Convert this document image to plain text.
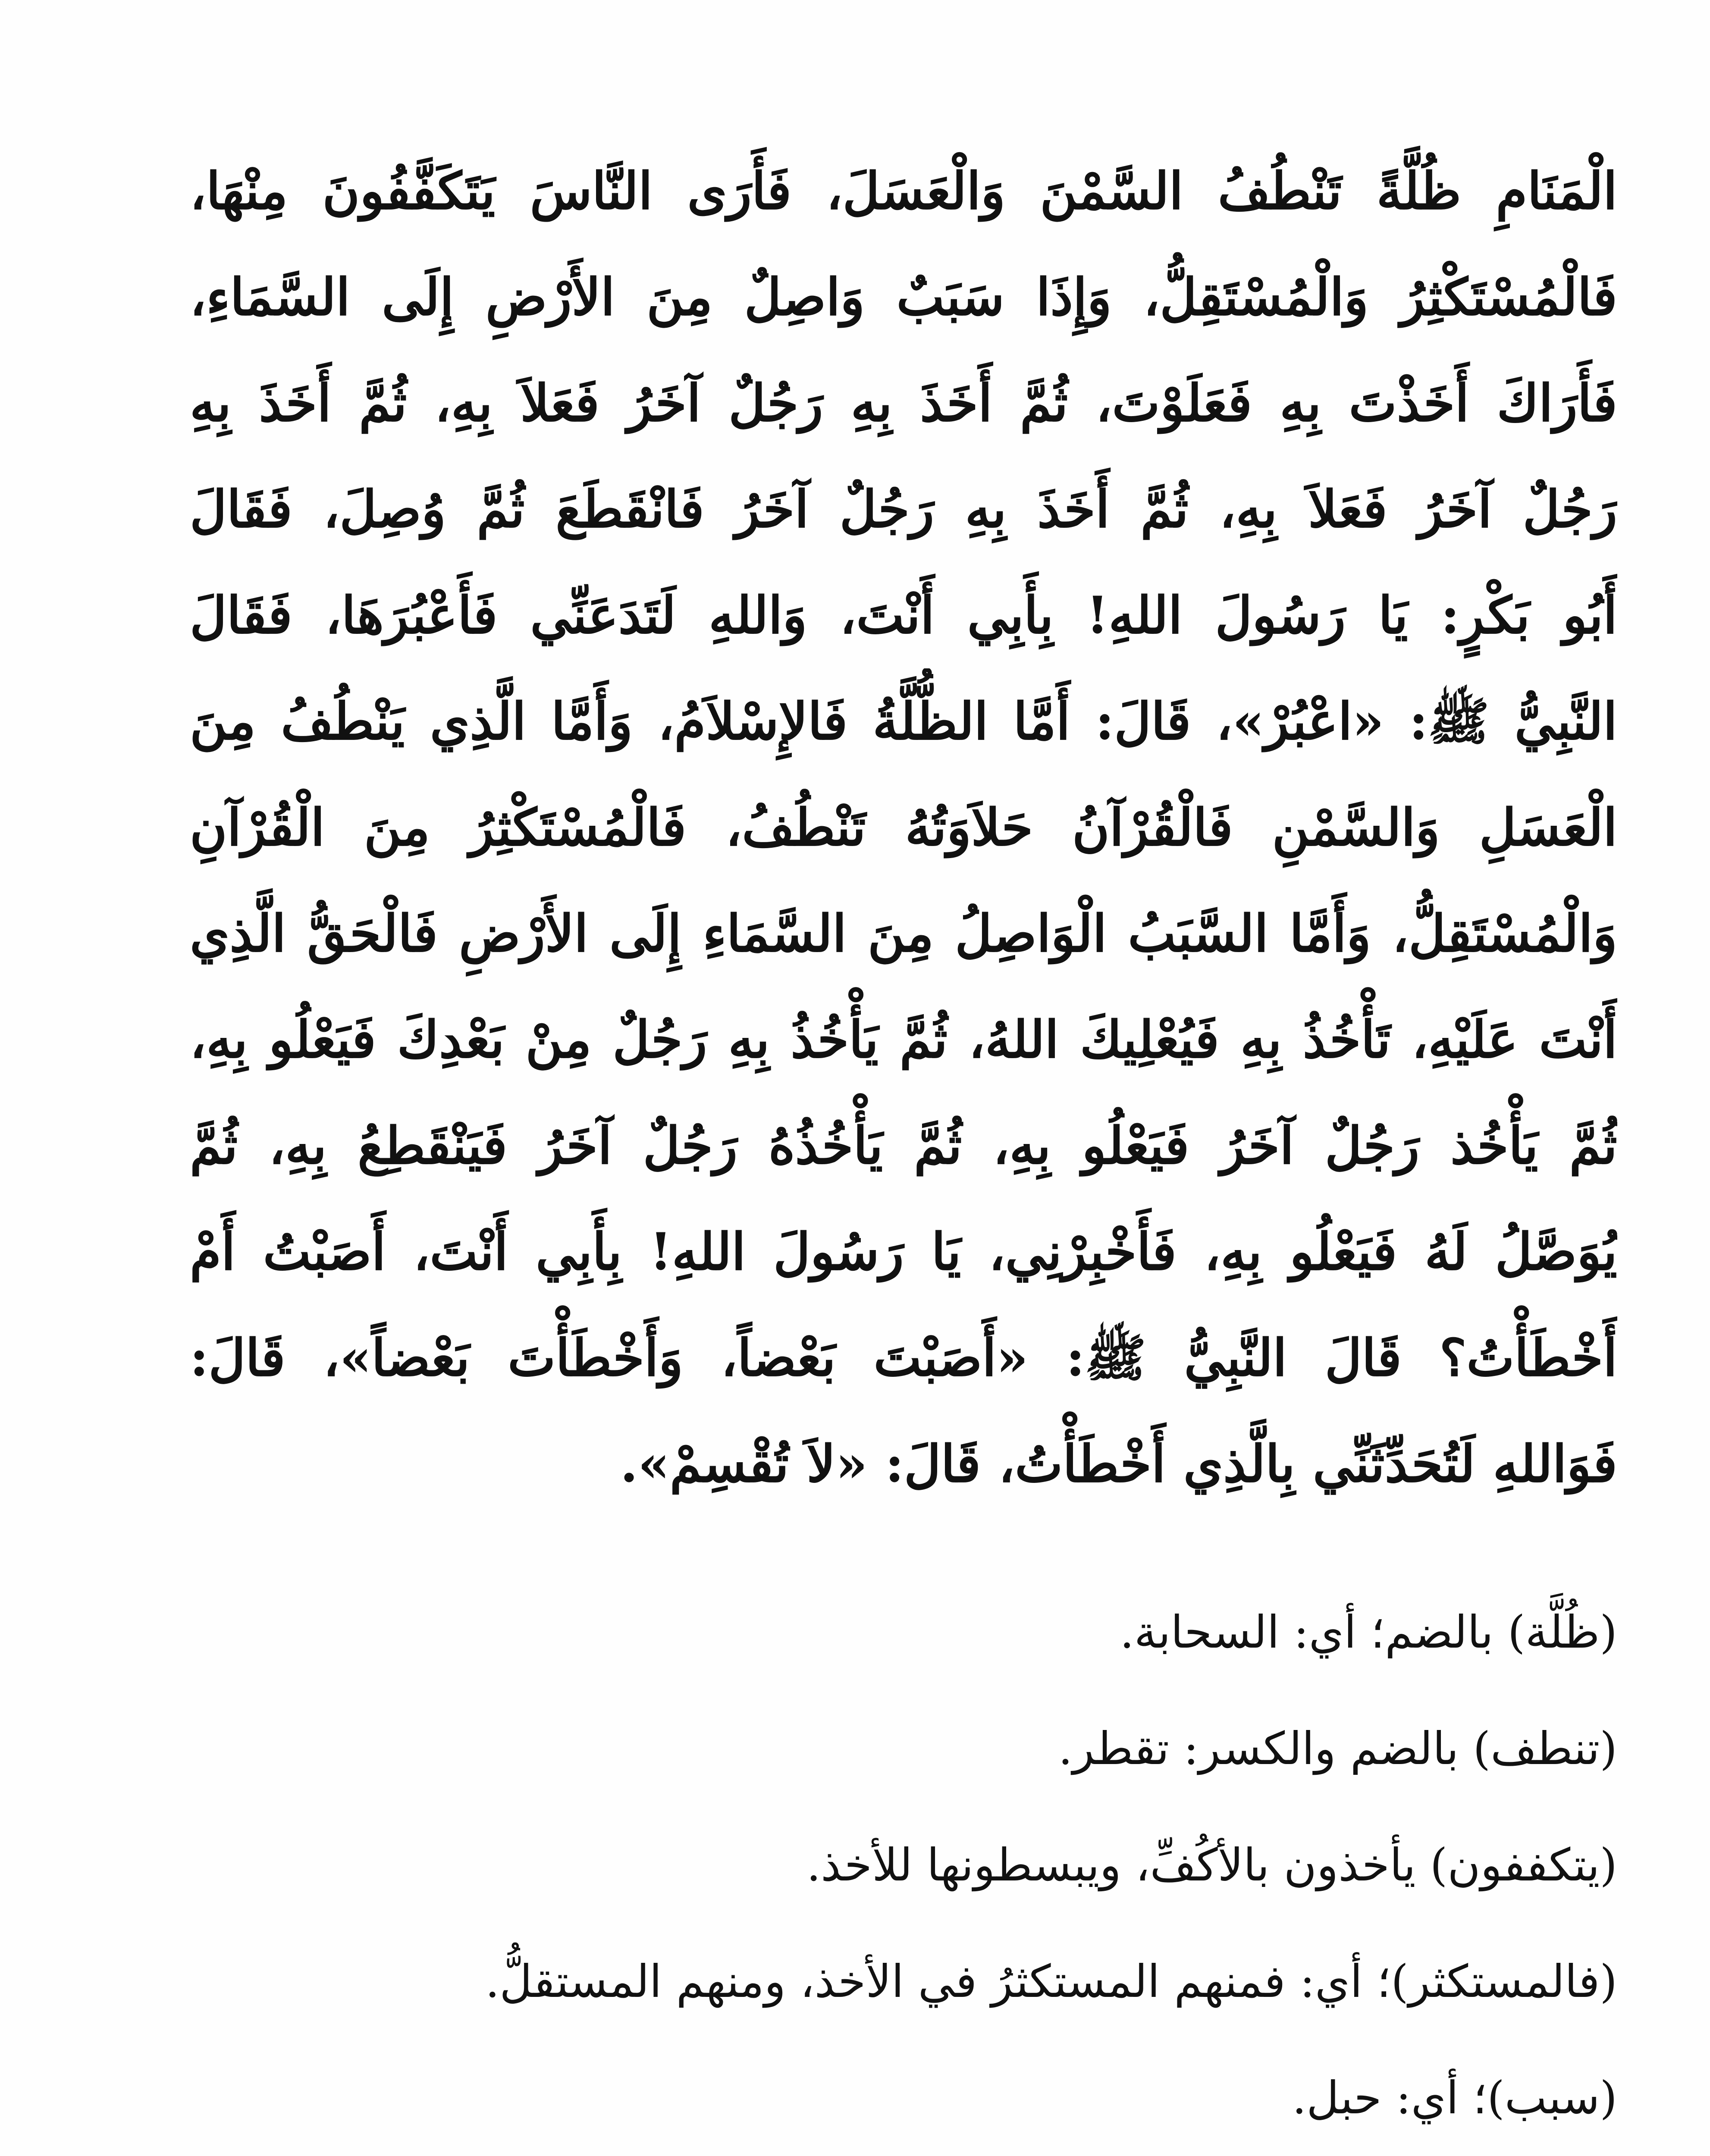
الْمَنَامِ ظُلَّةً تَنْطُفُ السَّمْنَ وَالْعَسَلَ، فَأَرَى النَّاسَ يَتَكَفَّفُونَ مِنْهَا،
فَالْمُسْتَكْثِرُ وَالْمُسْتَقِلُّ، وَإِذَا سَبَبٌ وَاصِلٌ مِنَ الأَرْضِ إِلَى السَّمَاءِ،
فَأَرَاكَ أَخَذْتَ بِهِ فَعَلَوْتَ، ثُمَّ أَخَذَ بِهِ رَجُلٌ آخَرُ فَعَلاَ بِهِ، ثُمَّ أَخَذَ بِهِ
رَجُلٌ آخَرُ فَعَلاَ بِهِ، ثُمَّ أَخَذَ بِهِ رَجُلٌ آخَرُ فَانْقَطَعَ ثُمَّ وُصِلَ، فَقَالَ
أَبُو بَكْرٍ: يَا رَسُولَ اللهِ! بِأَبِي أَنْتَ، وَاللهِ لَتَدَعَنِّي فَأَعْبُرَهَا، فَقَالَ
النَّبِيُّ ﷺ: «اعْبُرْ»، قَالَ: أَمَّا الظُّلَّةُ فَالإِسْلاَمُ، وَأَمَّا الَّذِي يَنْطُفُ مِنَ
الْعَسَلِ وَالسَّمْنِ فَالْقُرْآنُ حَلاَوَتُهُ تَنْطُفُ، فَالْمُسْتَكْثِرُ مِنَ الْقُرْآنِ
وَالْمُسْتَقِلُّ، وَأَمَّا السَّبَبُ الْوَاصِلُ مِنَ السَّمَاءِ إِلَى الأَرْضِ فَالْحَقُّ الَّذِي
أَنْتَ عَلَيْهِ، تَأْخُذُ بِهِ فَيُعْلِيكَ اللهُ، ثُمَّ يَأْخُذُ بِهِ رَجُلٌ مِنْ بَعْدِكَ فَيَعْلُو بِهِ،
ثُمَّ يَأْخُذ رَجُلٌ آخَرُ فَيَعْلُو بِهِ، ثُمَّ يَأْخُذُهُ رَجُلٌ آخَرُ فَيَنْقَطِعُ بِهِ، ثُمَّ
يُوَصَّلُ لَهُ فَيَعْلُو بِهِ، فَأَخْبِرْنِي، يَا رَسُولَ اللهِ! بِأَبِي أَنْتَ، أَصَبْتُ أَمْ
أَخْطَأْتُ؟ قَالَ النَّبِيُّ ﷺ: «أَصَبْتَ بَعْضاً، وَأَخْطَأْتَ بَعْضاً»، قَالَ:
فَوَاللهِ لَتُحَدِّثَنِّي بِالَّذِي أَخْطَأْتُ، قَالَ: «لاَ تُقْسِمْ».
(ظُلَّة) بالضم؛ أي: السحابة.
(تنطف) بالضم والكسر: تقطر.
(يتكففون) يأخذون بالأكُفِّ، ويبسطونها للأخذ.
(فالمستكثر)؛ أي: فمنهم المستكثرُ في الأخذ، ومنهم المستقلُّ.
(سبب)؛ أي: حبل.
